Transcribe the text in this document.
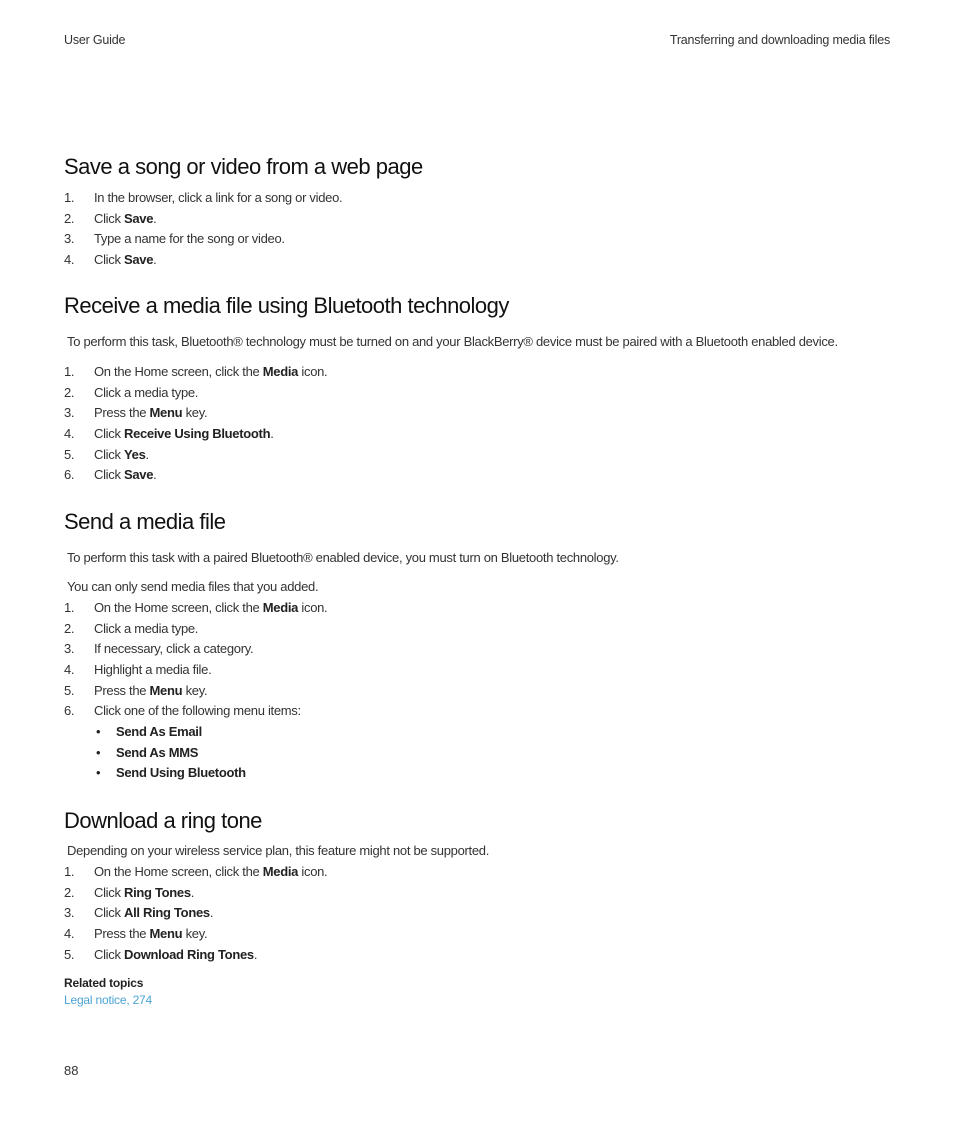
User Guide	Transferring and downloading media files
Save a song or video from a web page
1. In the browser, click a link for a song or video.
2. Click Save.
3. Type a name for the song or video.
4. Click Save.
Receive a media file using Bluetooth technology

To perform this task, Bluetooth® technology must be turned on and your BlackBerry® device must be paired with a Bluetooth enabled device.

1. On the Home screen, click the Media icon.
2. Click a media type.
3. Press the Menu key.
4. Click Receive Using Bluetooth.
5. Click Yes.
6. Click Save.
Send a media file

To perform this task with a paired Bluetooth® enabled device, you must turn on Bluetooth technology.

You can only send media files that you added.

1. On the Home screen, click the Media icon.
2. Click a media type.
3. If necessary, click a category.
4. Highlight a media file.
5. Press the Menu key.
6. Click one of the following menu items:
• Send As Email
• Send As MMS
• Send Using Bluetooth
Download a ring tone

Depending on your wireless service plan, this feature might not be supported.

1. On the Home screen, click the Media icon.
2. Click Ring Tones.
3. Click All Ring Tones.
4. Press the Menu key.
5. Click Download Ring Tones.
Related topics
Legal notice, 274
88
